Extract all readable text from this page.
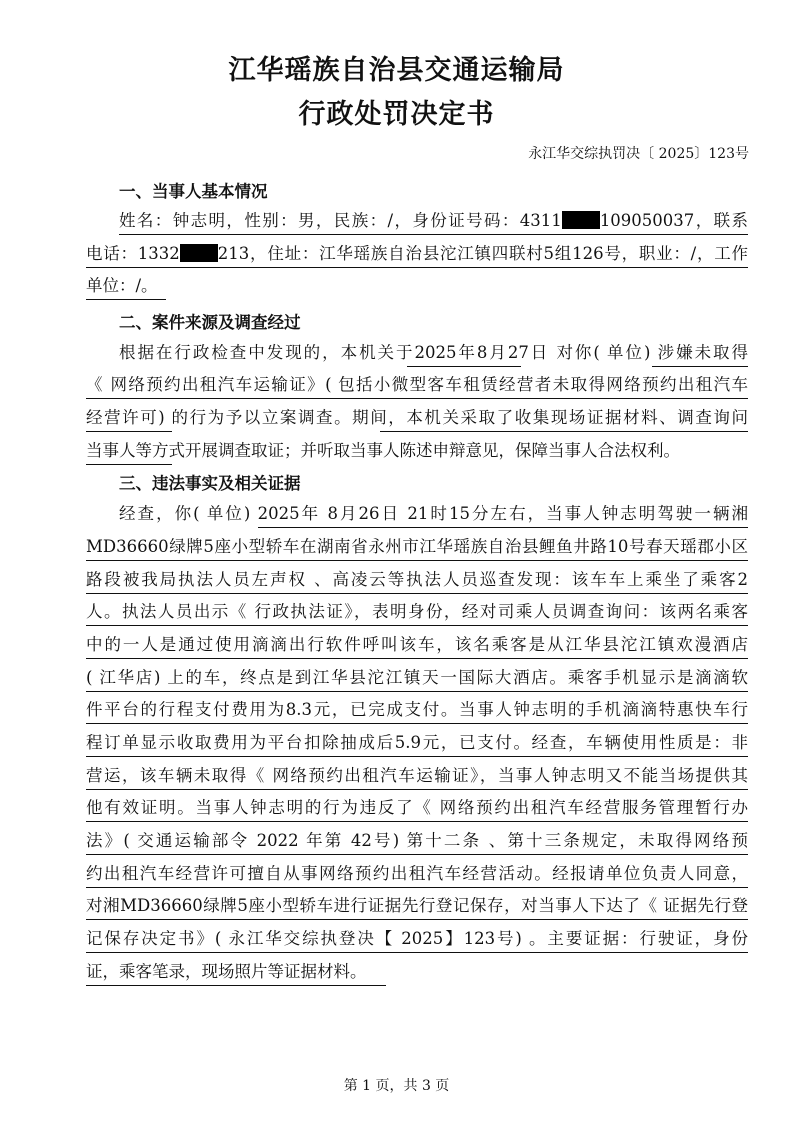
江华瑶族自治县交通运输局
行政处罚决定书
永江华交综执罚决〔 2025〕123号
一、当事人基本情况
姓名：钟志明，性别：男，民族：/，身份证号码：4311 109050037，联系
电话：1332 213，住址：江华瑶族自治县沱江镇四联村5组126号，职业：/，工作
单位：/。
二、案件来源及调查经过
根据在行政检查中发现的，本机关于2025年8月27日 对你( 单位) 涉嫌未取得
《 网络预约出租汽车运输证》( 包括小微型客车租赁经营者未取得网络预约出租汽车
经营许可) 的行为予以立案调查。期间，本机关采取了收集现场证据材料、调查询问
当事人等方式开展调查取证；并听取当事人陈述申辩意见，保障当事人合法权利。
三、违法事实及相关证据
经查，你( 单位) 2025年 8月26日 21时15分左右，当事人钟志明驾驶一辆湘
MD36660绿牌5座小型轿车在湖南省永州市江华瑶族自治县鲤鱼井路10号春天瑶郡小区
路段被我局执法人员左声权 、高凌云等执法人员巡查发现：该车车上乘坐了乘客2
人。执法人员出示《 行政执法证》，表明身份，经对司乘人员调查询问：该两名乘客
中的一人是通过使用滴滴出行软件呼叫该车，该名乘客是从江华县沱江镇欢漫酒店
( 江华店) 上的车，终点是到江华县沱江镇天一国际大酒店。乘客手机显示是滴滴软
件平台的行程支付费用为8.3元，已完成支付。当事人钟志明的手机滴滴特惠快车行
程订单显示收取费用为平台扣除抽成后5.9元，已支付。经查，车辆使用性质是：非
营运，该车辆未取得《 网络预约出租汽车运输证》，当事人钟志明又不能当场提供其
他有效证明。当事人钟志明的行为违反了《 网络预约出租汽车经营服务管理暂行办
法》( 交通运输部令 2022 年第 42号) 第十二条 、第十三条规定，未取得网络预
约出租汽车经营许可擅自从事网络预约出租汽车经营活动。经报请单位负责人同意，
对湘MD36660绿牌5座小型轿车进行证据先行登记保存，对当事人下达了《 证据先行登
记保存决定书》( 永江华交综执登决【 2025】123号) 。主要证据：行驶证，身份
证，乘客笔录，现场照片等证据材料。
第 1 页，共 3 页
